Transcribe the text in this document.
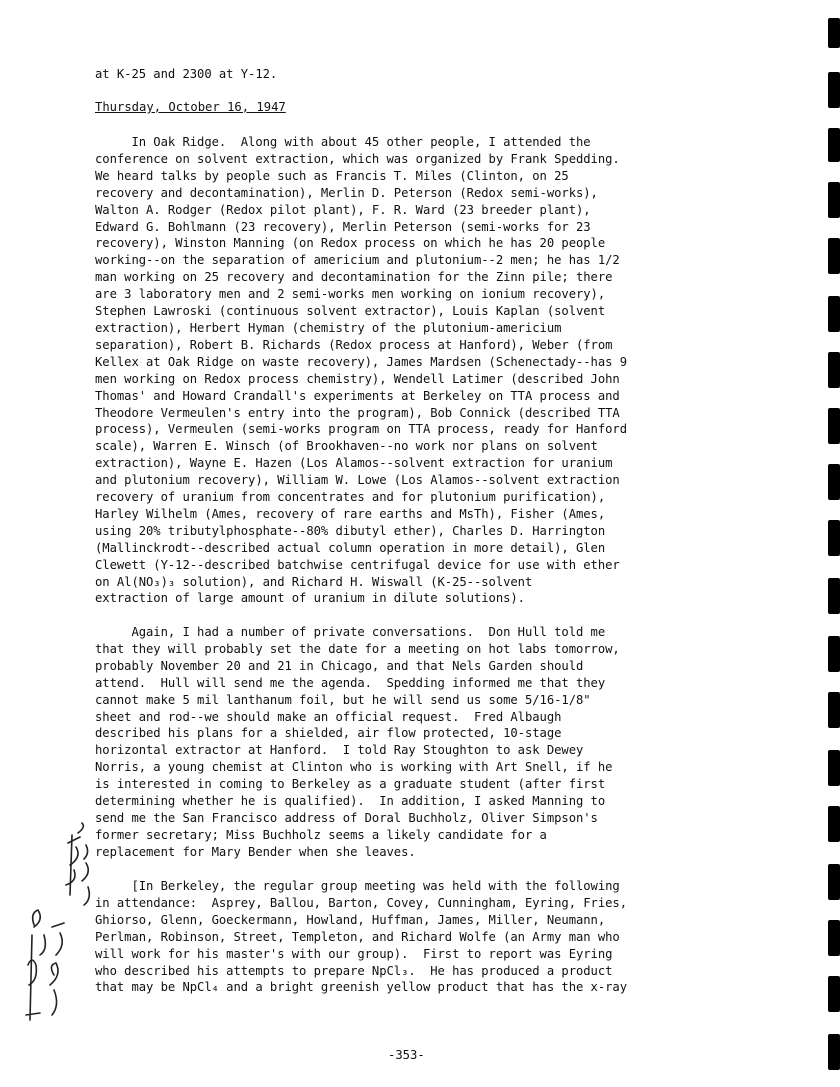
at K-25 and 2300 at Y-12.
Thursday, October 16, 1947
In Oak Ridge.  Along with about 45 other people, I attended the
conference on solvent extraction, which was organized by Frank Spedding.
We heard talks by people such as Francis T. Miles (Clinton, on 25
recovery and decontamination), Merlin D. Peterson (Redox semi-works),
Walton A. Rodger (Redox pilot plant), F. R. Ward (23 breeder plant),
Edward G. Bohlmann (23 recovery), Merlin Peterson (semi-works for 23
recovery), Winston Manning (on Redox process on which he has 20 people
working--on the separation of americium and plutonium--2 men; he has 1/2
man working on 25 recovery and decontamination for the Zinn pile; there
are 3 laboratory men and 2 semi-works men working on ionium recovery),
Stephen Lawroski (continuous solvent extractor), Louis Kaplan (solvent
extraction), Herbert Hyman (chemistry of the plutonium-americium
separation), Robert B. Richards (Redox process at Hanford), Weber (from
Kellex at Oak Ridge on waste recovery), James Mardsen (Schenectady--has 9
men working on Redox process chemistry), Wendell Latimer (described John
Thomas' and Howard Crandall's experiments at Berkeley on TTA process and
Theodore Vermeulen's entry into the program), Bob Connick (described TTA
process), Vermeulen (semi-works program on TTA process, ready for Hanford
scale), Warren E. Winsch (of Brookhaven--no work nor plans on solvent
extraction), Wayne E. Hazen (Los Alamos--solvent extraction for uranium
and plutonium recovery), William W. Lowe (Los Alamos--solvent extraction
recovery of uranium from concentrates and for plutonium purification),
Harley Wilhelm (Ames, recovery of rare earths and MsTh), Fisher (Ames,
using 20% tributylphosphate--80% dibutyl ether), Charles D. Harrington
(Mallinckrodt--described actual column operation in more detail), Glen
Clewett (Y-12--described batchwise centrifugal device for use with ether
on Al(NO₃)₃ solution), and Richard H. Wiswall (K-25--solvent
extraction of large amount of uranium in dilute solutions).
Again, I had a number of private conversations.  Don Hull told me
that they will probably set the date for a meeting on hot labs tomorrow,
probably November 20 and 21 in Chicago, and that Nels Garden should
attend.  Hull will send me the agenda.  Spedding informed me that they
cannot make 5 mil lanthanum foil, but he will send us some 5/16-1/8"
sheet and rod--we should make an official request.  Fred Albaugh
described his plans for a shielded, air flow protected, 10-stage
horizontal extractor at Hanford.  I told Ray Stoughton to ask Dewey
Norris, a young chemist at Clinton who is working with Art Snell, if he
is interested in coming to Berkeley as a graduate student (after first
determining whether he is qualified).  In addition, I asked Manning to
send me the San Francisco address of Doral Buchholz, Oliver Simpson's
former secretary; Miss Buchholz seems a likely candidate for a
replacement for Mary Bender when she leaves.
[In Berkeley, the regular group meeting was held with the following
in attendance:  Asprey, Ballou, Barton, Covey, Cunningham, Eyring, Fries,
Ghiorso, Glenn, Goeckermann, Howland, Huffman, James, Miller, Neumann,
Perlman, Robinson, Street, Templeton, and Richard Wolfe (an Army man who
will work for his master's with our group).  First to report was Eyring
who described his attempts to prepare NpCl₃.  He has produced a product
that may be NpCl₄ and a bright greenish yellow product that has the x-ray
-353-
